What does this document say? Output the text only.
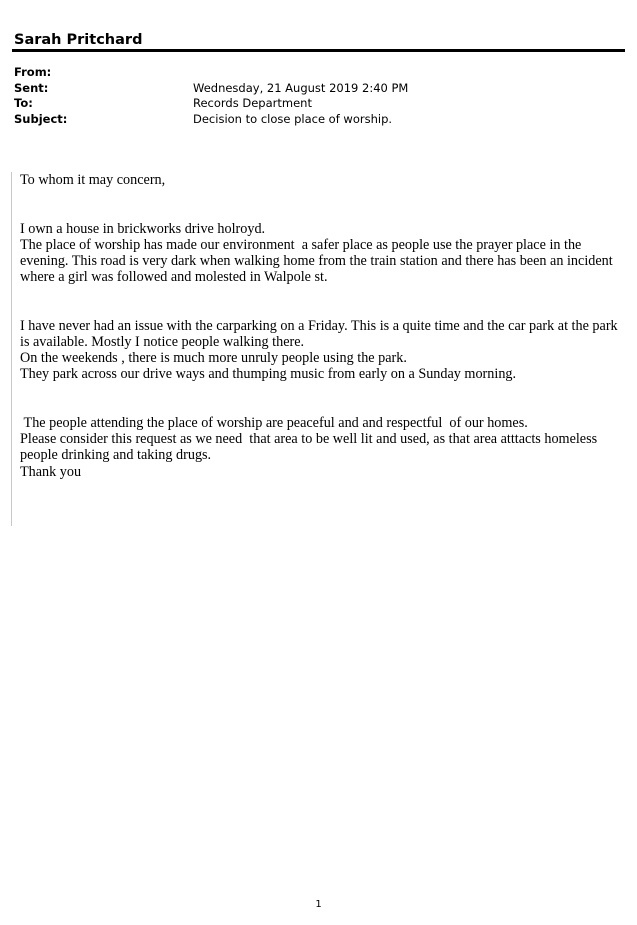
Sarah Pritchard
From:
Sent:	Wednesday, 21 August 2019 2:40 PM
To:	Records Department
Subject:	Decision to close place of worship.

To whom it may concern,

I own a house in brickworks drive holroyd.
The place of worship has made our environment  a safer place as people use the prayer place in the evening. This road is very dark when walking home from the train station and there has been an incident where a girl was followed and molested in Walpole st.

I have never had an issue with the carparking on a Friday. This is a quite time and the car park at the park is available. Mostly I notice people walking there.
On the weekends , there is much more unruly people using the park.
They park across our drive ways and thumping music from early on a Sunday morning.

The people attending the place of worship are peaceful and and respectful  of our homes.
Please consider this request as we need  that area to be well lit and used, as that area atttacts homeless people drinking and taking drugs.
Thank you

1
